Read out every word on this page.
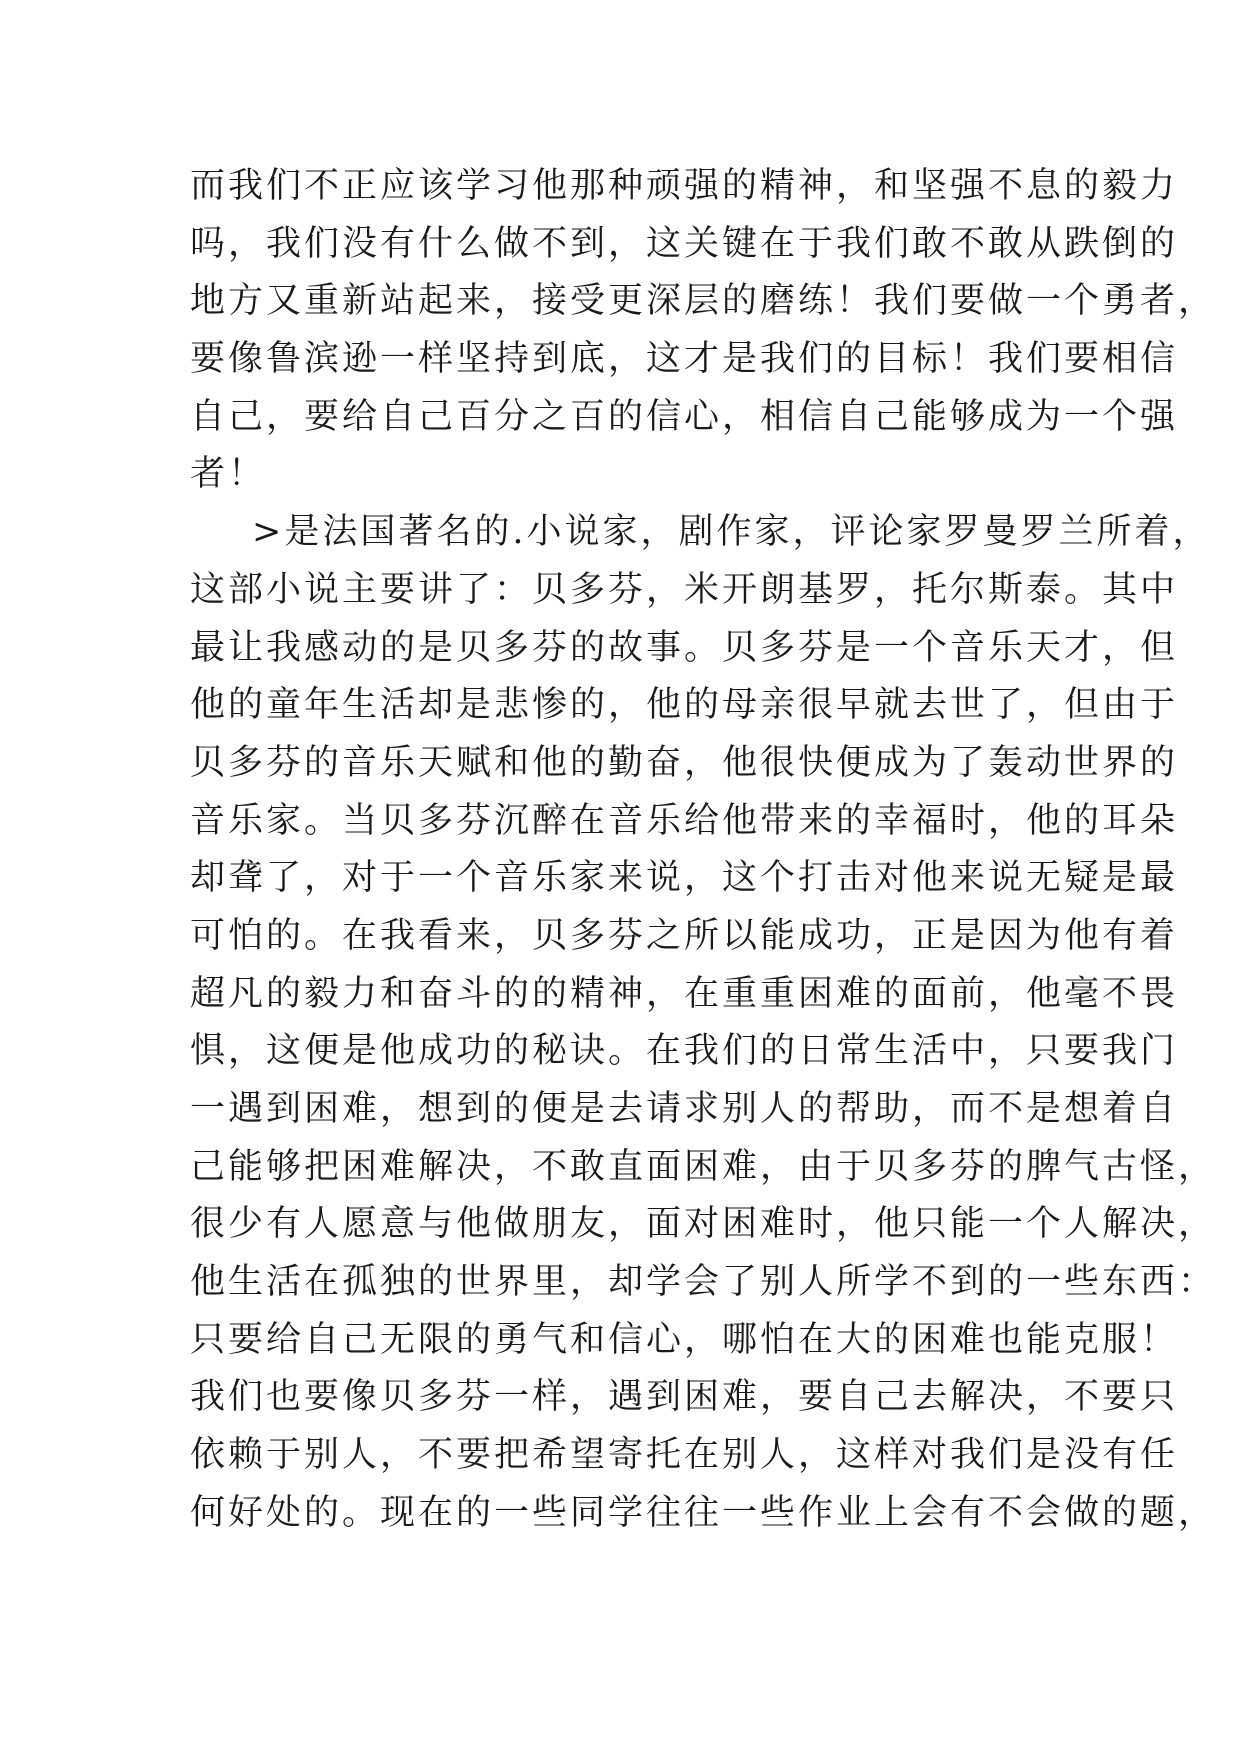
而我们不正应该学习他那种顽强的精神，和坚强不息的毅力
吗，我们没有什么做不到，这关键在于我们敢不敢从跌倒的
地方又重新站起来，接受更深层的磨练！我们要做一个勇者，
要像鲁滨逊一样坚持到底，这才是我们的目标！我们要相信
自己，要给自己百分之百的信心，相信自己能够成为一个强
者！
>是法国著名的.小说家，剧作家，评论家罗曼罗兰所着，
这部小说主要讲了：贝多芬，米开朗基罗，托尔斯泰。其中
最让我感动的是贝多芬的故事。贝多芬是一个音乐天才，但
他的童年生活却是悲惨的，他的母亲很早就去世了，但由于
贝多芬的音乐天赋和他的勤奋，他很快便成为了轰动世界的
音乐家。当贝多芬沉醉在音乐给他带来的幸福时，他的耳朵
却聋了，对于一个音乐家来说，这个打击对他来说无疑是最
可怕的。在我看来，贝多芬之所以能成功，正是因为他有着
超凡的毅力和奋斗的的精神，在重重困难的面前，他毫不畏
惧，这便是他成功的秘诀。在我们的日常生活中，只要我门
一遇到困难，想到的便是去请求别人的帮助，而不是想着自
己能够把困难解决，不敢直面困难，由于贝多芬的脾气古怪，
很少有人愿意与他做朋友，面对困难时，他只能一个人解决，
他生活在孤独的世界里，却学会了别人所学不到的一些东西：
只要给自己无限的勇气和信心，哪怕在大的困难也能克服！
我们也要像贝多芬一样，遇到困难，要自己去解决，不要只
依赖于别人，不要把希望寄托在别人，这样对我们是没有任
何好处的。现在的一些同学往往一些作业上会有不会做的题，
